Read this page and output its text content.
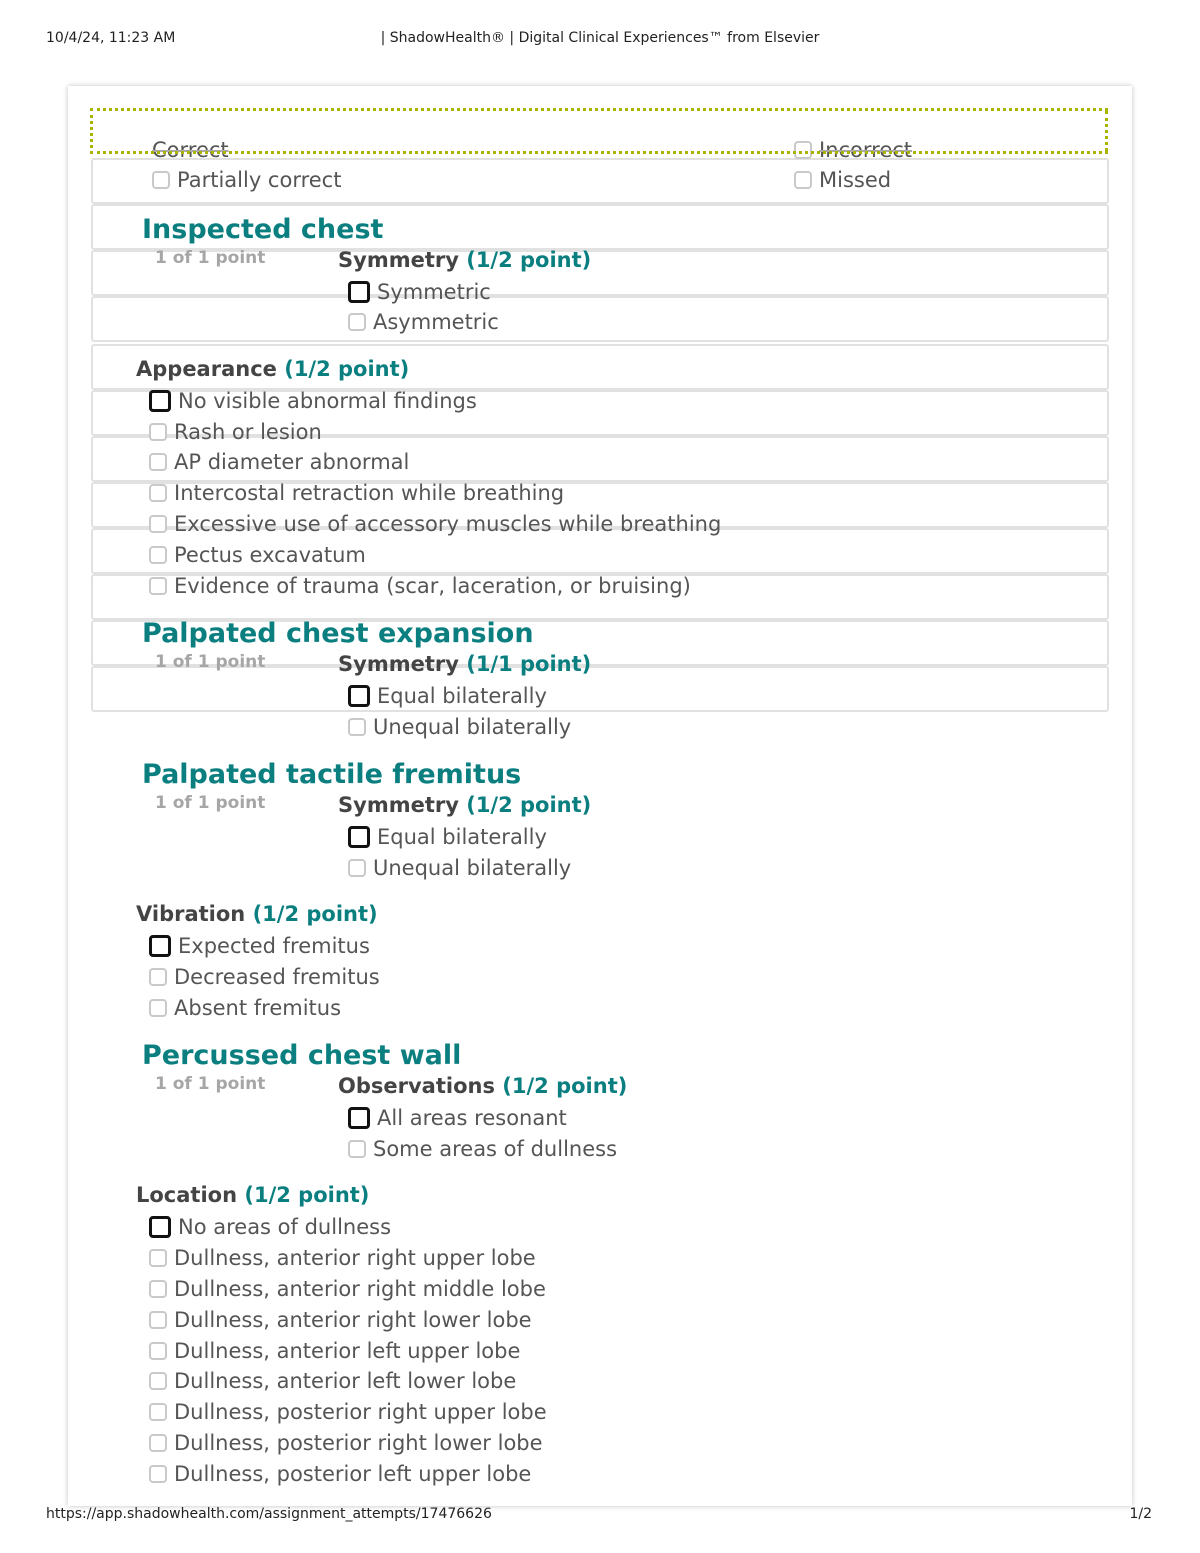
10/4/24, 11:23 AM	| ShadowHealth® | Digital Clinical Experiences™ from Elsevier
Correct	Incorrect
Partially correct	Missed
Inspected chest
1 of 1 point	Symmetry (1/2 point)
Symmetric
Asymmetric
Appearance (1/2 point)
No visible abnormal findings
Rash or lesion
AP diameter abnormal
Intercostal retraction while breathing
Excessive use of accessory muscles while breathing
Pectus excavatum
Evidence of trauma (scar, laceration, or bruising)
Palpated chest expansion
1 of 1 point	Symmetry (1/1 point)
Equal bilaterally
Unequal bilaterally
Palpated tactile fremitus
1 of 1 point	Symmetry (1/2 point)
Equal bilaterally
Unequal bilaterally
Vibration (1/2 point)
Expected fremitus
Decreased fremitus
Absent fremitus
Percussed chest wall
1 of 1 point	Observations (1/2 point)
All areas resonant
Some areas of dullness
Location (1/2 point)
No areas of dullness
Dullness, anterior right upper lobe
Dullness, anterior right middle lobe
Dullness, anterior right lower lobe
Dullness, anterior left upper lobe
Dullness, anterior left lower lobe
Dullness, posterior right upper lobe
Dullness, posterior right lower lobe
Dullness, posterior left upper lobe
https://app.shadowhealth.com/assignment_attempts/17476626	1/2
